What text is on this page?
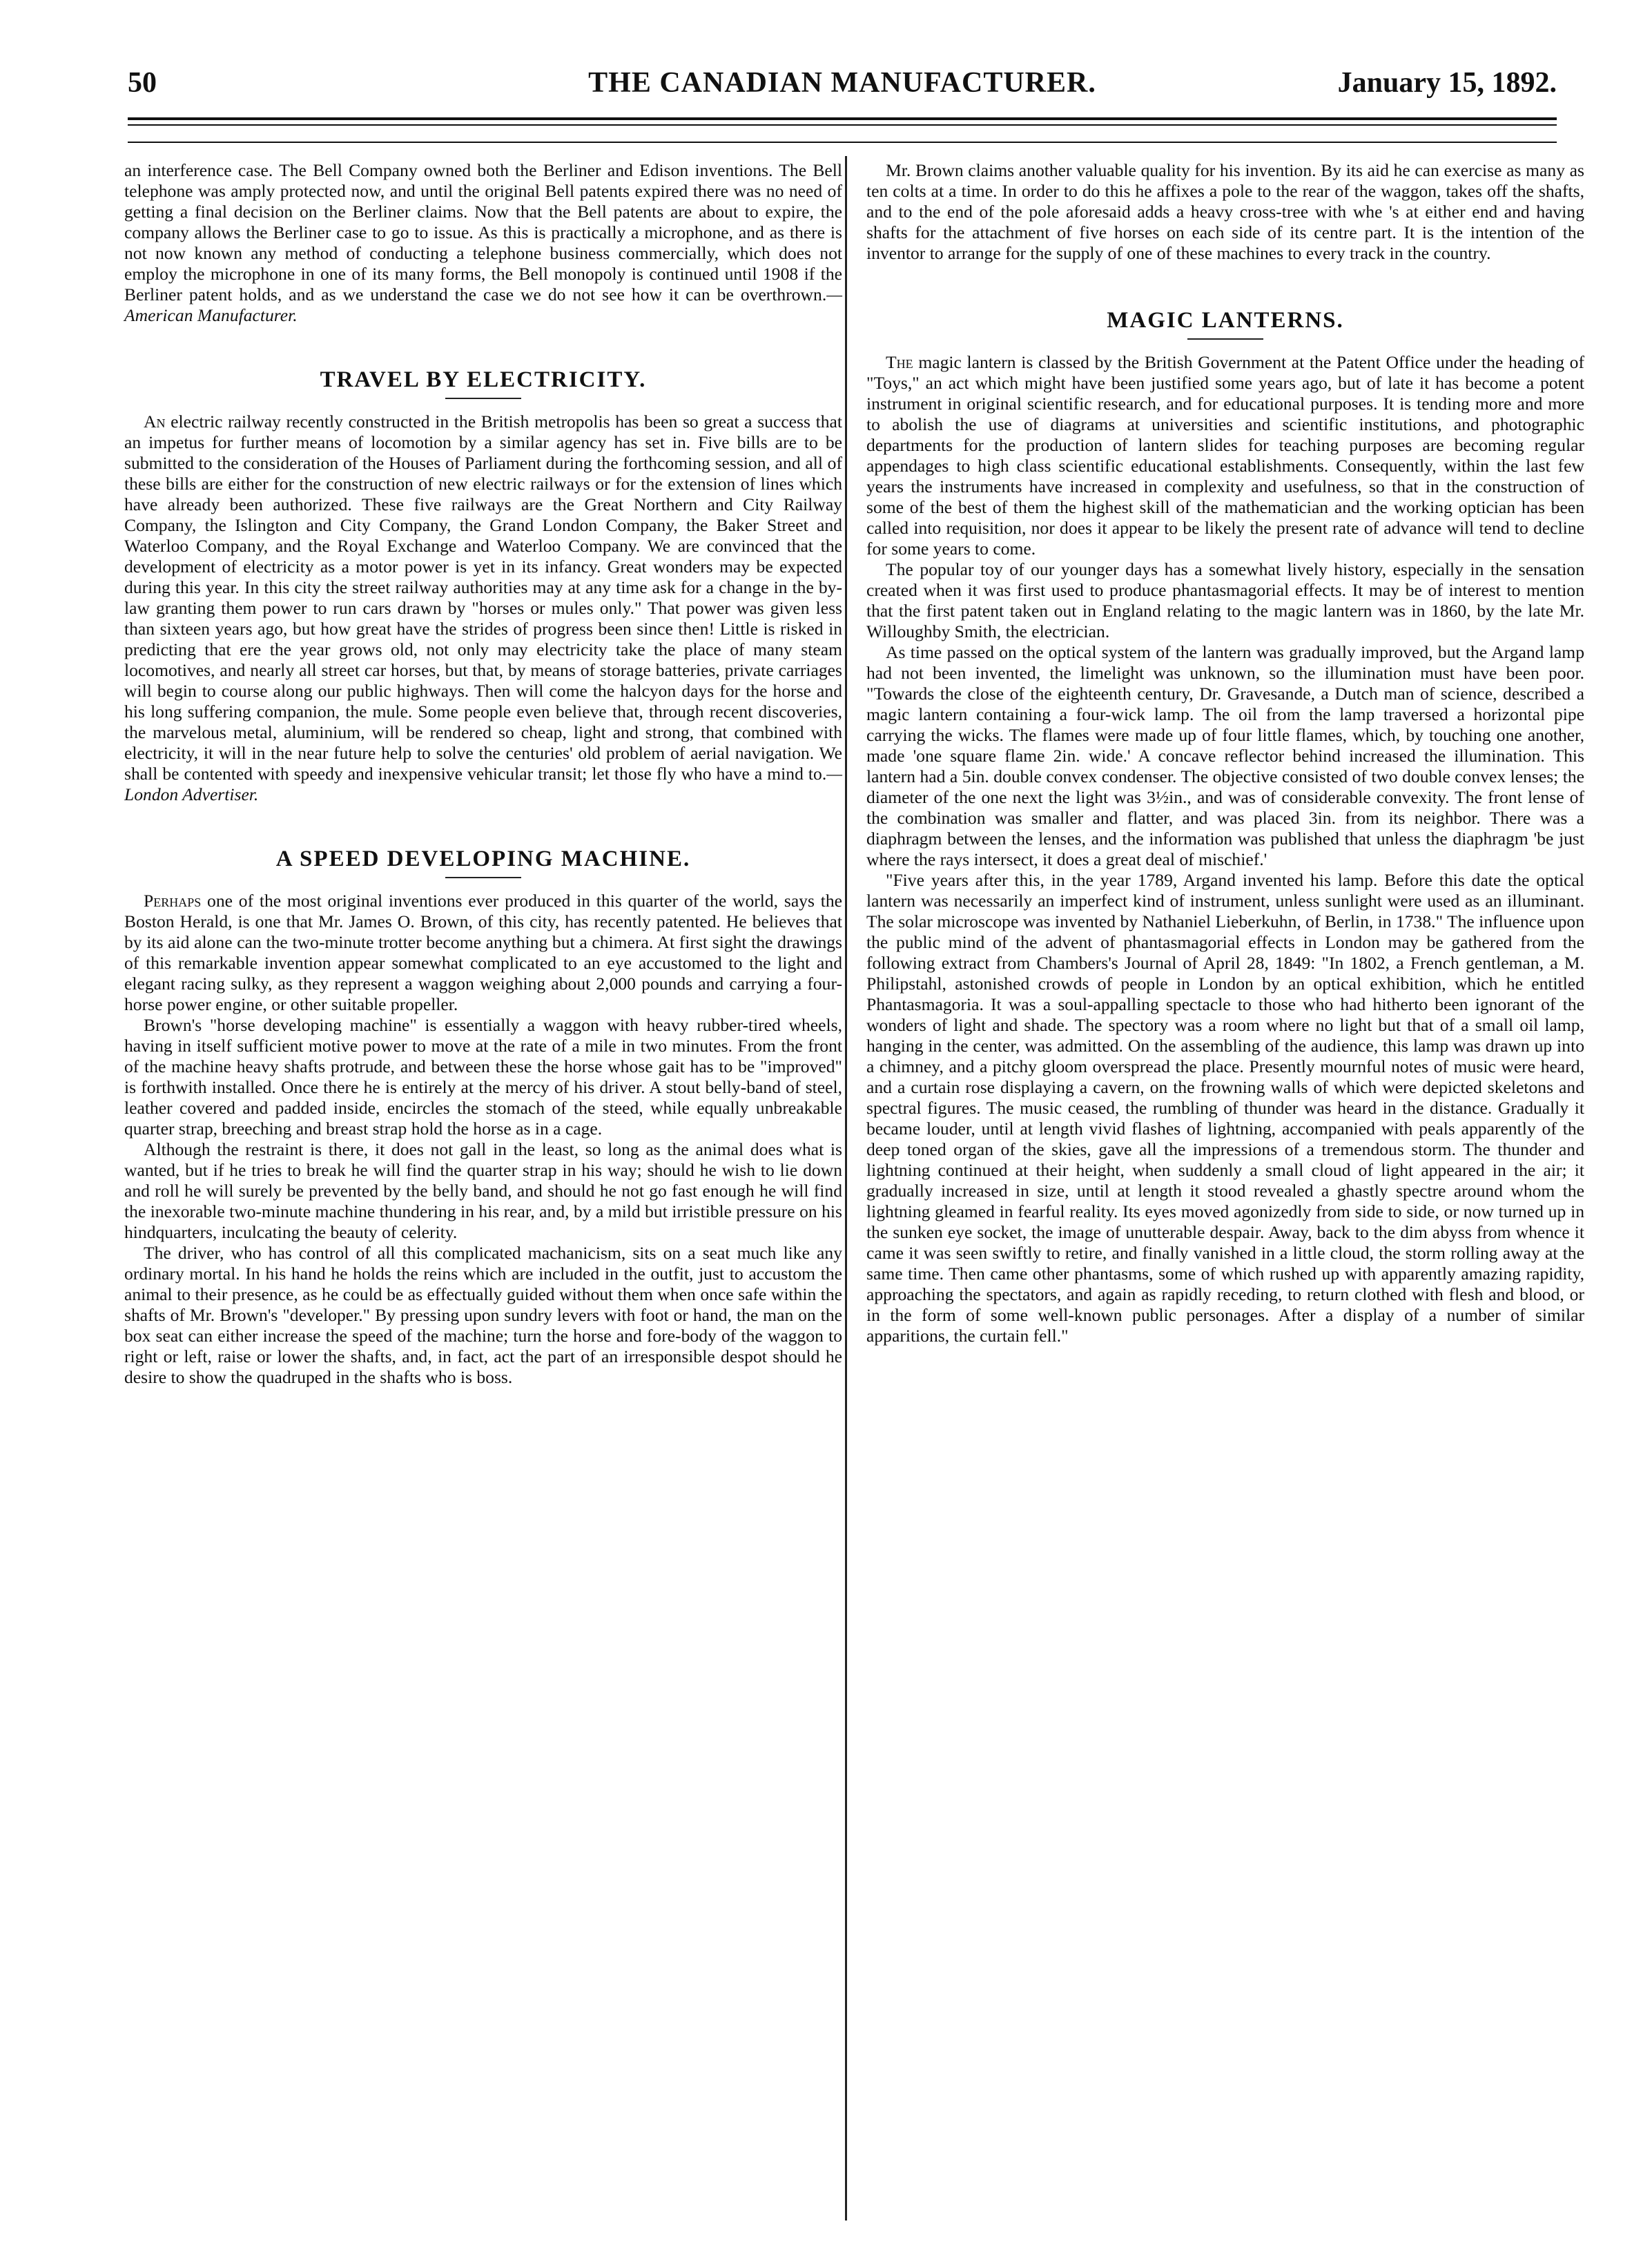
50	THE CANADIAN MANUFACTURER.	January 15, 1892.

an interference case. The Bell Company owned both the Berliner and Edison inventions. The Bell telephone was amply protected now, and until the original Bell patents expired there was no need of getting a final decision on the Berliner claims. Now that the Bell patents are about to expire, the company allows the Berliner case to go to issue. As this is practically a microphone, and as there is not now known any method of conducting a telephone business commercially, which does not employ the microphone in one of its many forms, the Bell monopoly is continued until 1908 if the Berliner patent holds, and as we understand the case we do not see how it can be overthrown.—American Manufacturer.

TRAVEL BY ELECTRICITY.

An electric railway recently constructed in the British metropolis has been so great a success that an impetus for further means of locomotion by a similar agency has set in. Five bills are to be submitted to the consideration of the Houses of Parliament during the forthcoming session, and all of these bills are either for the construction of new electric railways or for the extension of lines which have already been authorized. These five railways are the Great Northern and City Railway Company, the Islington and City Company, the Grand London Company, the Baker Street and Waterloo Company, and the Royal Exchange and Waterloo Company. We are convinced that the development of electricity as a motor power is yet in its infancy. Great wonders may be expected during this year. In this city the street railway authorities may at any time ask for a change in the by-law granting them power to run cars drawn by "horses or mules only." That power was given less than sixteen years ago, but how great have the strides of progress been since then! Little is risked in predicting that ere the year grows old, not only may electricity take the place of many steam locomotives, and nearly all street car horses, but that, by means of storage batteries, private carriages will begin to course along our public highways. Then will come the halcyon days for the horse and his long suffering companion, the mule. Some people even believe that, through recent discoveries, the marvelous metal, aluminium, will be rendered so cheap, light and strong, that combined with electricity, it will in the near future help to solve the centuries' old problem of aerial navigation. We shall be contented with speedy and inexpensive vehicular transit; let those fly who have a mind to.—London Advertiser.

A SPEED DEVELOPING MACHINE.

Perhaps one of the most original inventions ever produced in this quarter of the world, says the Boston Herald, is one that Mr. James O. Brown, of this city, has recently patented. He believes that by its aid alone can the two-minute trotter become anything but a chimera. At first sight the drawings of this remarkable invention appear somewhat complicated to an eye accustomed to the light and elegant racing sulky, as they represent a waggon weighing about 2,000 pounds and carrying a four-horse power engine, or other suitable propeller.

Brown's "horse developing machine" is essentially a waggon with heavy rubber-tired wheels, having in itself sufficient motive power to move at the rate of a mile in two minutes. From the front of the machine heavy shafts protrude, and between these the horse whose gait has to be "improved" is forthwith installed. Once there he is entirely at the mercy of his driver. A stout belly-band of steel, leather covered and padded inside, encircles the stomach of the steed, while equally unbreakable quarter strap, breeching and breast strap hold the horse as in a cage.

Although the restraint is there, it does not gall in the least, so long as the animal does what is wanted, but if he tries to break he will find the quarter strap in his way; should he wish to lie down and roll he will surely be prevented by the belly band, and should he not go fast enough he will find the inexorable two-minute machine thundering in his rear, and, by a mild but irristible pressure on his hindquarters, inculcating the beauty of celerity.

The driver, who has control of all this complicated machanicism, sits on a seat much like any ordinary mortal. In his hand he holds the reins which are included in the outfit, just to accustom the animal to their presence, as he could be as effectually guided without them when once safe within the shafts of Mr. Brown's "developer." By pressing upon sundry levers with foot or hand, the man on the box seat can either increase the speed of the machine; turn the horse and fore-body of the waggon to right or left, raise or lower the shafts, and, in fact, act the part of an irresponsible despot should he desire to show the quadruped in the shafts who is boss.

Mr. Brown claims another valuable quality for his invention. By its aid he can exercise as many as ten colts at a time. In order to do this he affixes a pole to the rear of the waggon, takes off the shafts, and to the end of the pole aforesaid adds a heavy cross-tree with whe 's at either end and having shafts for the attachment of five horses on each side of its centre part. It is the intention of the inventor to arrange for the supply of one of these machines to every track in the country.

MAGIC LANTERNS.

The magic lantern is classed by the British Government at the Patent Office under the heading of "Toys," an act which might have been justified some years ago, but of late it has become a potent instrument in original scientific research, and for educational purposes. It is tending more and more to abolish the use of diagrams at universities and scientific institutions, and photographic departments for the production of lantern slides for teaching purposes are becoming regular appendages to high class scientific educational establishments. Consequently, within the last few years the instruments have increased in complexity and usefulness, so that in the construction of some of the best of them the highest skill of the mathematician and the working optician has been called into requisition, nor does it appear to be likely the present rate of advance will tend to decline for some years to come.

The popular toy of our younger days has a somewhat lively history, especially in the sensation created when it was first used to produce phantasmagorial effects. It may be of interest to mention that the first patent taken out in England relating to the magic lantern was in 1860, by the late Mr. Willoughby Smith, the electrician.

As time passed on the optical system of the lantern was gradually improved, but the Argand lamp had not been invented, the limelight was unknown, so the illumination must have been poor. "Towards the close of the eighteenth century, Dr. Gravesande, a Dutch man of science, described a magic lantern containing a four-wick lamp. The oil from the lamp traversed a horizontal pipe carrying the wicks. The flames were made up of four little flames, which, by touching one another, made 'one square flame 2in. wide.' A concave reflector behind increased the illumination. This lantern had a 5in. double convex condenser. The objective consisted of two double convex lenses; the diameter of the one next the light was 3½in., and was of considerable convexity. The front lense of the combination was smaller and flatter, and was placed 3in. from its neighbor. There was a diaphragm between the lenses, and the information was published that unless the diaphragm 'be just where the rays intersect, it does a great deal of mischief.'

"Five years after this, in the year 1789, Argand invented his lamp. Before this date the optical lantern was necessarily an imperfect kind of instrument, unless sunlight were used as an illuminant. The solar microscope was invented by Nathaniel Lieberkuhn, of Berlin, in 1738." The influence upon the public mind of the advent of phantasmagorial effects in London may be gathered from the following extract from Chambers's Journal of April 28, 1849: "In 1802, a French gentleman, a M. Philipstahl, astonished crowds of people in London by an optical exhibition, which he entitled Phantasmagoria. It was a soul-appalling spectacle to those who had hitherto been ignorant of the wonders of light and shade. The spectory was a room where no light but that of a small oil lamp, hanging in the center, was admitted. On the assembling of the audience, this lamp was drawn up into a chimney, and a pitchy gloom overspread the place. Presently mournful notes of music were heard, and a curtain rose displaying a cavern, on the frowning walls of which were depicted skeletons and spectral figures. The music ceased, the rumbling of thunder was heard in the distance. Gradually it became louder, until at length vivid flashes of lightning, accompanied with peals apparently of the deep toned organ of the skies, gave all the impressions of a tremendous storm. The thunder and lightning continued at their height, when suddenly a small cloud of light appeared in the air; it gradually increased in size, until at length it stood revealed a ghastly spectre around whom the lightning gleamed in fearful reality. Its eyes moved agonizedly from side to side, or now turned up in the sunken eye socket, the image of unutterable despair. Away, back to the dim abyss from whence it came it was seen swiftly to retire, and finally vanished in a little cloud, the storm rolling away at the same time. Then came other phantasms, some of which rushed up with apparently amazing rapidity, approaching the spectators, and again as rapidly receding, to return clothed with flesh and blood, or in the form of some well-known public personages. After a display of a number of similar apparitions, the curtain fell."
